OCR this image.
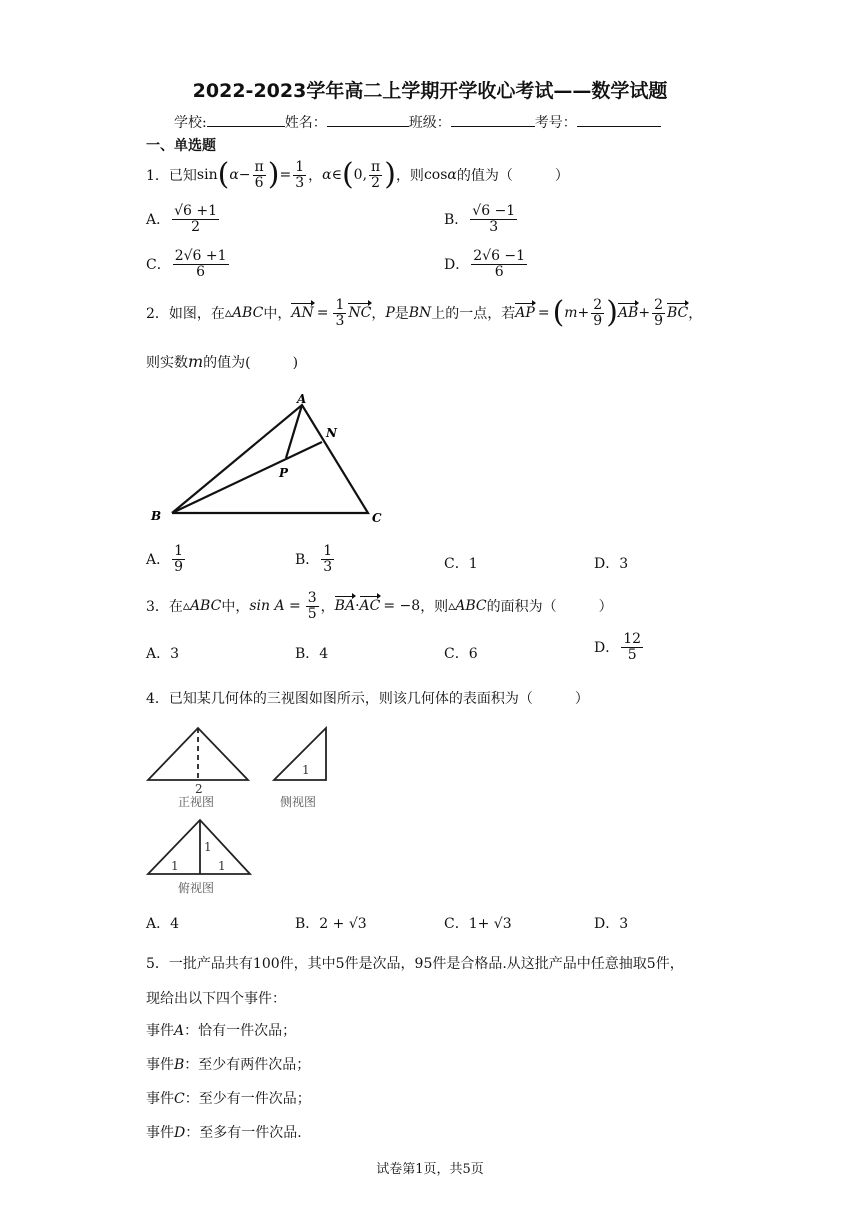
2022-2023学年高二上学期开学收心考试——数学试题
学校:	姓名：	班级：	考号：
一、单选题
1． 已知 sin ( $\alpha - \frac{\pi}{6}$ ) = $\frac{1}{3}$ ， α∈ ( 0, $\frac{\pi}{2}$ ) ，则 cos α 的值为（　　　）
A． $\frac{√6 +1}{2}$	B． $\frac{√6 -1}{3}$
C． $\frac{2√6 +1}{6}$	D． $\frac{2√6 -1}{6}$
2． 如图，在 ▵ABC 中， AN = $\frac{1}{3}$ NC ， P 是 BN 上的一点，若 AP = ( $m+ \frac{2}{9}$ ) AB + $\frac{2}{9}$ BC ，
则实数m的值为(　　　)
A
N
P
B	C
A． $\frac{1}{9}$	B． $\frac{1}{3}$	C．1	D．3
3． 在 ▵ABC 中， $\sin A = \frac{3}{5}$ ， BA · AC = −8 ，则 ▵ABC 的面积为（　　　）
A．3	B．4	C．6	D． $\frac{12}{5}$
4．已知某几何体的三视图如图所示，则该几何体的表面积为（　　　）
2
1
1
1	1
正视图	侧视图
俯视图
A．4	B．2 + √3	C．1+ √3	D．3
5．一批产品共有100件，其中5件是次品，95件是合格品.从这批产品中任意抽取5件，
现给出以下四个事件：
事件A：恰有一件次品；
事件B：至少有两件次品；
事件C：至少有一件次品；
事件D：至多有一件次品.
试卷第1页，共5页
